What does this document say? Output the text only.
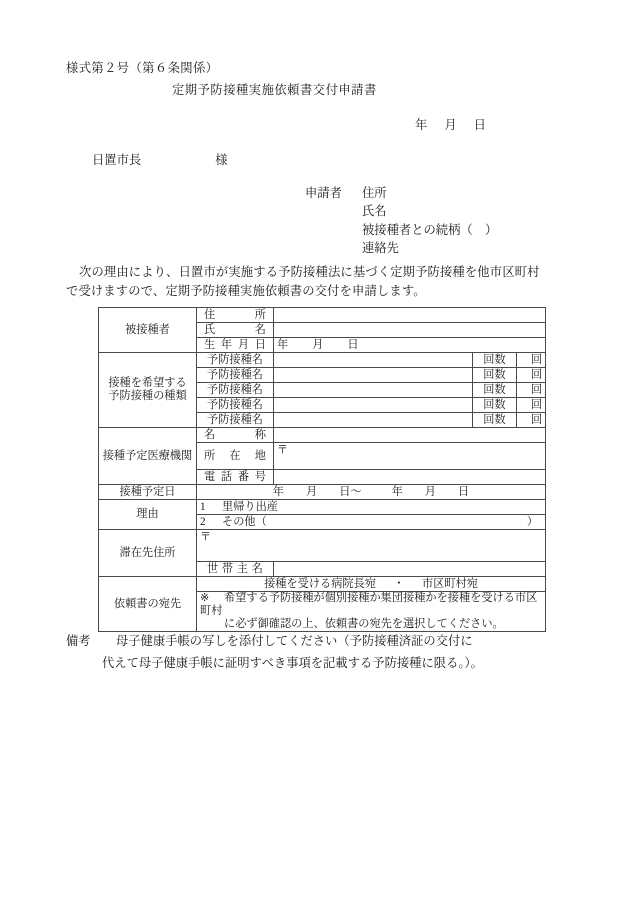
様式第２号（第６条関係）
定期予防接種実施依頼書交付申請書
年 月 日
日置市長	様
申請者 住所
氏名
被接種者との続柄（　）
連絡先
次の理由により、日置市が実施する予防接種法に基づく定期予防接種を他市区町村で受けますので、定期予防接種実施依頼書の交付を申請します。
被接種者	住　　所			
	氏　　名			
	生年月日	年 月 日		

接種を希望する
予防接種の種類	予防接種名		回数	回
	予防接種名		回数	回
	予防接種名		回数	回
	予防接種名		回数	回
	予防接種名		回数	回
接種予定医療機関	名　　称			
	所 在 地	〒		
	電話番号			
接種予定日	年 月 日～ 年 月 日			
理由	1 里帰り出産			
	2 その他（ ）			

滞在先住所	〒			
	世帯主名			
依頼書の宛先	接種を受ける病院長宛 ・ 市区町村宛			
	※ 希望する予防接種が個別接種か集団接種かを接種を受ける市区町村
に必ず御確認の上、依頼書の宛先を選択してください。			
備考 母子健康手帳の写しを添付してください（予防接種済証の交付に
代えて母子健康手帳に証明すべき事項を記載する予防接種に限る。）。
